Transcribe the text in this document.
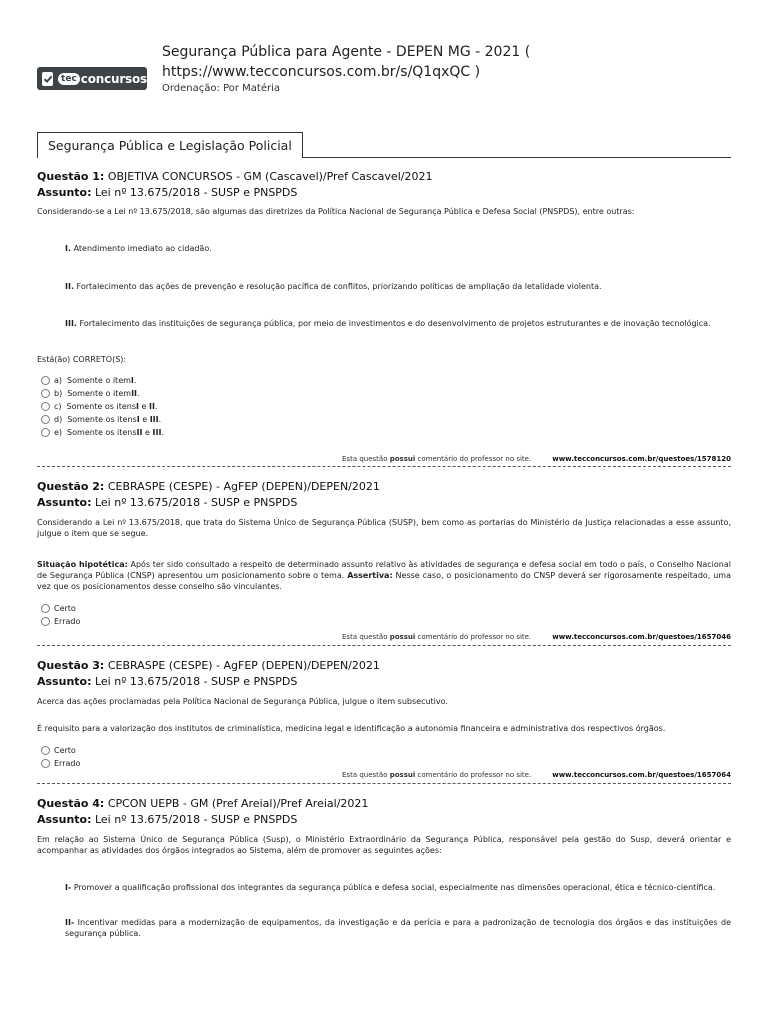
tec concursos
Segurança Pública para Agente - DEPEN MG - 2021 (
https://www.tecconcursos.com.br/s/Q1qxQC )
Ordenação: Por Matéria
Segurança Pública e Legislação Policial
Questão 1: OBJETIVA CONCURSOS - GM (Cascavel)/Pref Cascavel/2021
Assunto: Lei nº 13.675/2018 - SUSP e PNSPDS
Considerando-se a Lei nº 13.675/2018, são algumas das diretrizes da Política Nacional de Segurança Pública e Defesa Social (PNSPDS), entre outras:
I. Atendimento imediato ao cidadão.
II. Fortalecimento das ações de prevenção e resolução pacífica de conflitos, priorizando políticas de ampliação da letalidade violenta.
III. Fortalecimento das instituições de segurança pública, por meio de investimentos e do desenvolvimento de projetos estruturantes e de inovação tecnológica.
Está(ão) CORRETO(S):
a) Somente o item I .
b) Somente o item II .
c) Somente os itens I e II .
d) Somente os itens I e III .
e) Somente os itens II e III .
Esta questão possui comentário do professor no site.	www.tecconcursos.com.br/questoes/1578120
Questão 2: CEBRASPE (CESPE) - AgFEP (DEPEN)/DEPEN/2021
Assunto: Lei nº 13.675/2018 - SUSP e PNSPDS
Considerando a Lei nº 13.675/2018, que trata do Sistema Único de Segurança Pública (SUSP), bem como as portarias do Ministério da Justiça relacionadas a esse assunto, julgue o item que se segue.
Situação hipotética: Após ter sido consultado a respeito de determinado assunto relativo às atividades de segurança e defesa social em todo o país, o Conselho Nacional de Segurança Pública (CNSP) apresentou um posicionamento sobre o tema. Assertiva: Nesse caso, o posicionamento do CNSP deverá ser rigorosamente respeitado, uma vez que os posicionamentos desse conselho são vinculantes.
Certo
Errado
Esta questão possui comentário do professor no site.	www.tecconcursos.com.br/questoes/1657046
Questão 3: CEBRASPE (CESPE) - AgFEP (DEPEN)/DEPEN/2021
Assunto: Lei nº 13.675/2018 - SUSP e PNSPDS
Acerca das ações proclamadas pela Política Nacional de Segurança Pública, julgue o item subsecutivo.
É requisito para a valorização dos institutos de criminalística, medicina legal e identificação a autonomia financeira e administrativa dos respectivos órgãos.
Certo
Errado
Esta questão possui comentário do professor no site.	www.tecconcursos.com.br/questoes/1657064
Questão 4: CPCON UEPB - GM (Pref Areial)/Pref Areial/2021
Assunto: Lei nº 13.675/2018 - SUSP e PNSPDS
Em relação ao Sistema Único de Segurança Pública (Susp), o Ministério Extraordinário da Segurança Pública, responsável pela gestão do Susp, deverá orientar e acompanhar as atividades dos órgãos integrados ao Sistema, além de promover as seguintes ações:
I- Promover a qualificação profissional dos integrantes da segurança pública e defesa social, especialmente nas dimensões operacional, ética e técnico-científica.
II- Incentivar medidas para a modernização de equipamentos, da investigação e da perícia e para a padronização de tecnologia dos órgãos e das instituições de segurança pública.
